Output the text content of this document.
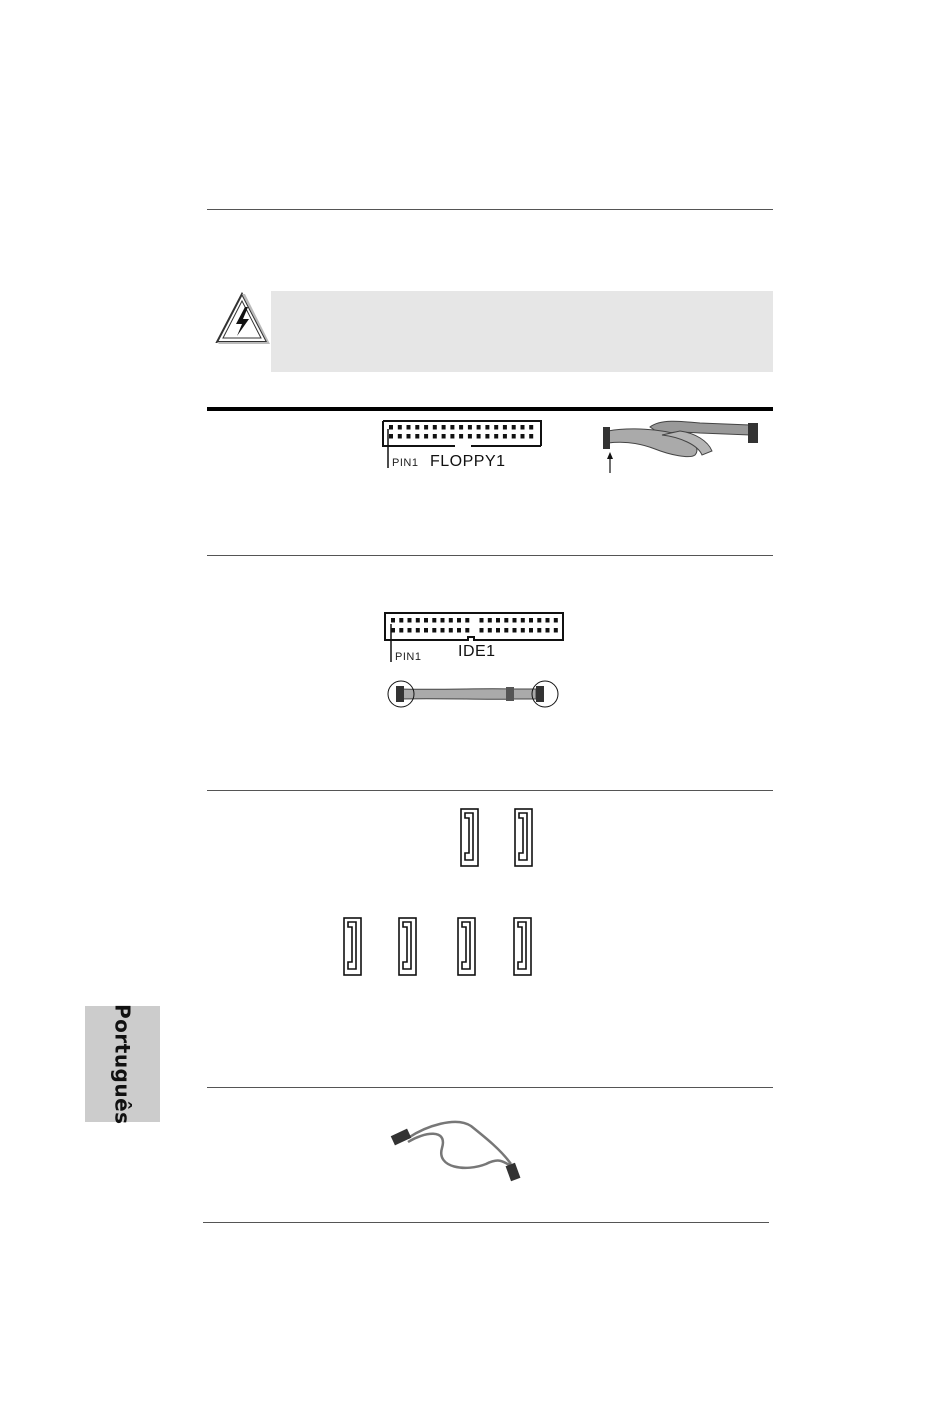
PIN1 FLOPPY1
PIN1 IDE1
Português
